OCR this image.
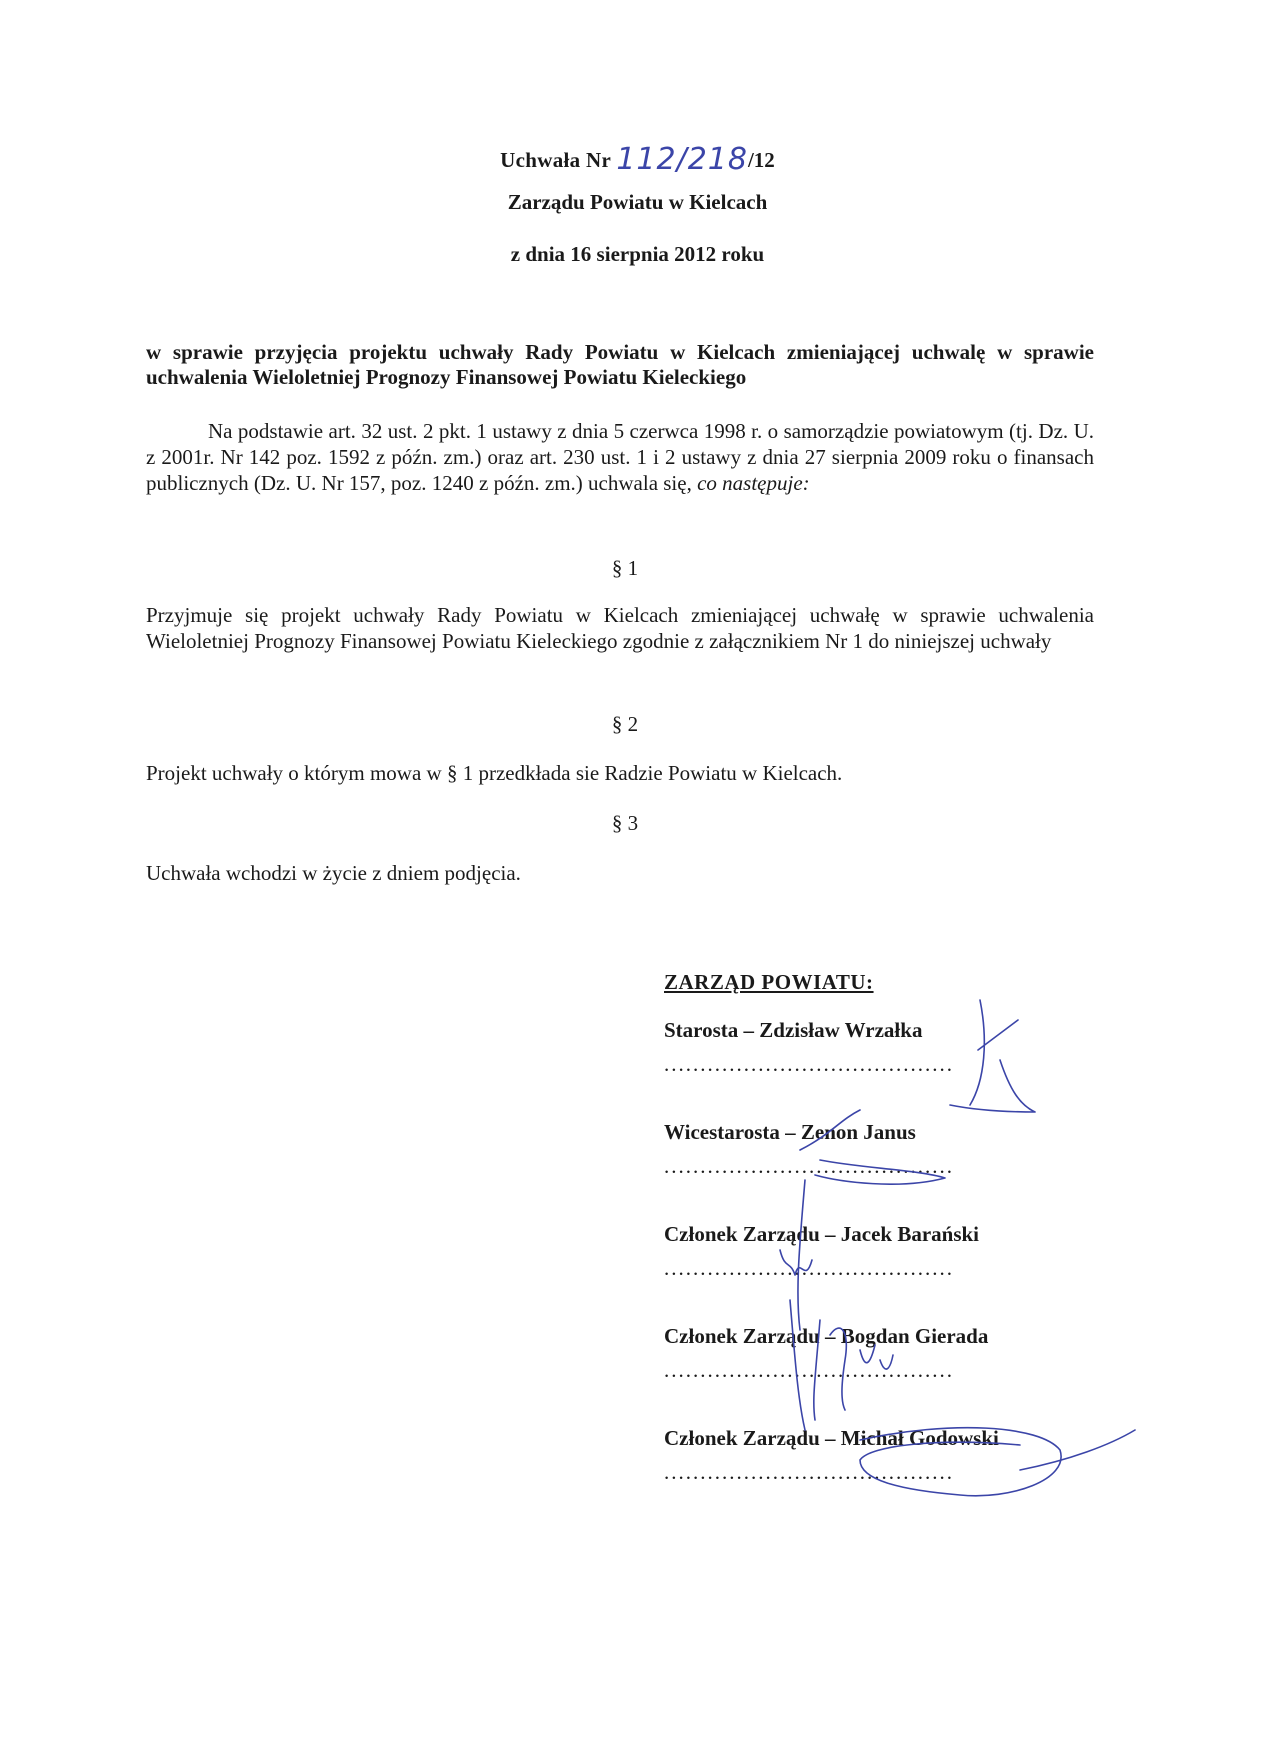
Uchwała Nr 112/218/12
Zarządu Powiatu w Kielcach
z dnia 16 sierpnia 2012 roku
w sprawie przyjęcia projektu uchwały Rady Powiatu w Kielcach zmieniającej uchwalę w sprawie uchwalenia Wieloletniej Prognozy Finansowej Powiatu Kieleckiego
Na podstawie art. 32 ust. 2 pkt. 1 ustawy z dnia 5 czerwca 1998 r. o samorządzie powiatowym (tj. Dz. U. z 2001r. Nr 142 poz. 1592 z późn. zm.) oraz art. 230 ust. 1 i 2 ustawy z dnia 27 sierpnia 2009 roku o finansach publicznych (Dz. U. Nr 157, poz. 1240 z późn. zm.) uchwala się, co następuje:
§ 1
Przyjmuje się projekt uchwały Rady Powiatu w Kielcach zmieniającej uchwałę w sprawie uchwalenia Wieloletniej Prognozy Finansowej Powiatu Kieleckiego zgodnie z załącznikiem Nr 1 do niniejszej uchwały
§ 2
Projekt uchwały o którym mowa w § 1 przedkłada sie Radzie Powiatu w Kielcach.
§ 3
Uchwała wchodzi w życie z dniem podjęcia.
ZARZĄD POWIATU:
Starosta – Zdzisław Wrzałka
........................................
Wicestarosta – Zenon Janus
........................................
Członek Zarządu – Jacek Barański
........................................
Członek Zarządu – Bogdan Gierada
........................................
Członek Zarządu – Michał Godowski
........................................
